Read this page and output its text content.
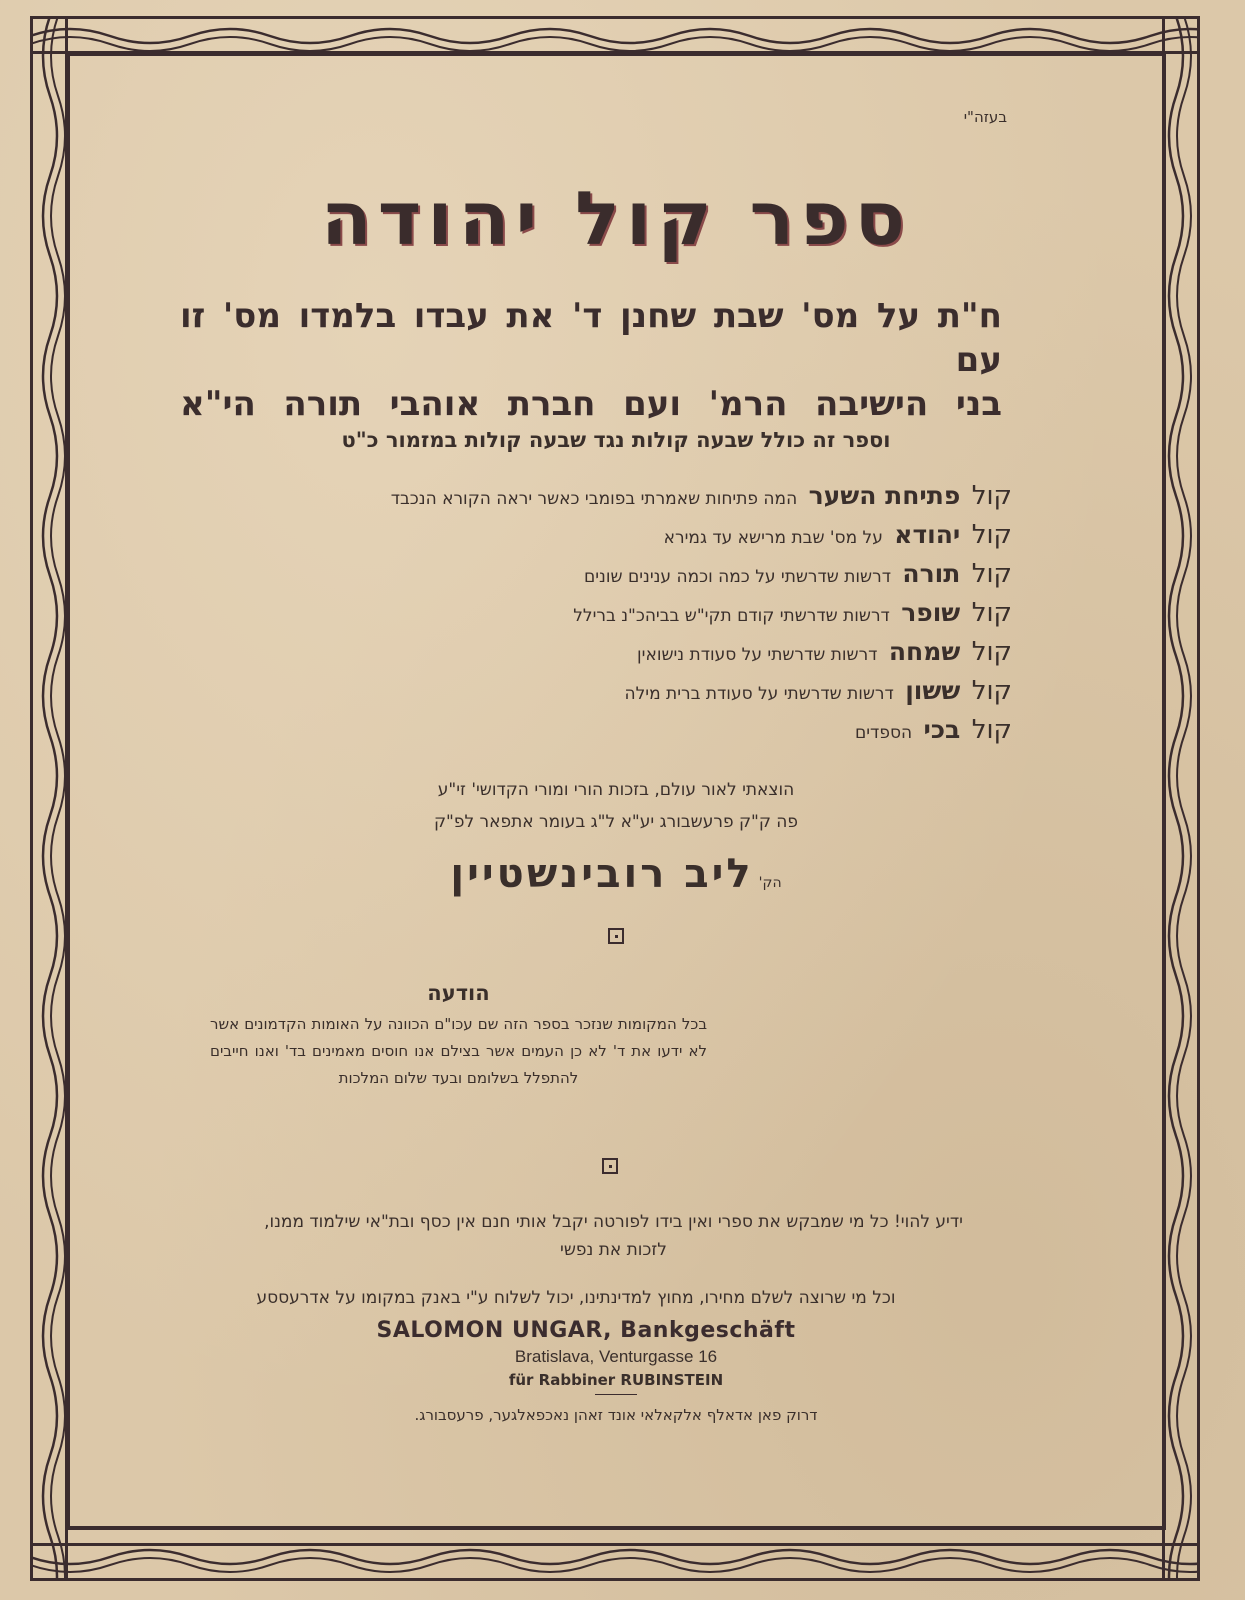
בעזה"י
ספר קול יהודה
ח"ת על מס' שבת שחנן ד' את עבדו בלמדו מס' זו עם
בני הישיבה הרמ' ועם חברת אוהבי תורה הי"א
וספר זה כולל שבעה קולות נגד שבעה קולות במזמור כ"ט
קול פתיחת השער המה פתיחות שאמרתי בפומבי כאשר יראה הקורא הנכבד
קול יהודא על מס' שבת מרישא עד גמירא
קול תורה דרשות שדרשתי על כמה וכמה ענינים שונים
קול שופר דרשות שדרשתי קודם תקי"ש בביהכ"נ ברילל
קול שמחה דרשות שדרשתי על סעודת נישואין
קול ששון דרשות שדרשתי על סעודת ברית מילה
קול בכי הספדים
הוצאתי לאור עולם, בזכות הורי ומורי הקדושי' זי"ע
פה ק"ק פרעשבורג יע"א ל"ג בעומר אתפאר לפ"ק
הק' ליב רובינשטיין
הודעה
בכל המקומות שנזכר בספר הזה שם עכו"ם הכוונה על האומות הקדמונים אשר לא ידעו את ד' לא כן העמים אשר בצילם אנו חוסים מאמינים בד' ואנו חייבים להתפלל בשלומם ובעד שלום המלכות
ידיע להוי! כל מי שמבקש את ספרי ואין בידו לפורטה יקבל אותי חנם אין כסף ובת"אי שילמוד ממנו,
לזכות את נפשי
וכל מי שרוצה לשלם מחירו, מחוץ למדינתינו, יכול לשלוח ע"י באנק במקומו על אדרעססע
SALOMON UNGAR, Bankgeschäft
Bratislava, Venturgasse 16
für Rabbiner RUBINSTEIN
דרוק פאן אדאלף אלקאלאי אונד זאהן נאכפאלגער, פרעסבורג.
